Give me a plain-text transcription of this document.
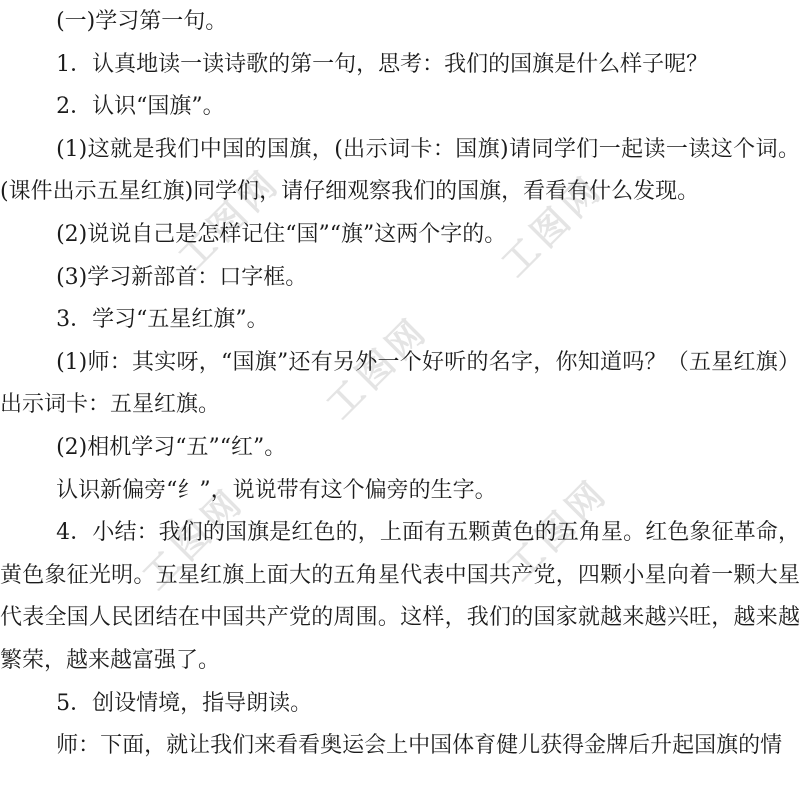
工图网	工图网
工图网
工图网	工图网

(一)学习第一句。

1．认真地读一读诗歌的第一句，思考：我们的国旗是什么样子呢？

2．认识“国旗”。

(1)这就是我们中国的国旗，(出示词卡：国旗)请同学们一起读一读这个词。(课件出示五星红旗)同学们，请仔细观察我们的国旗，看看有什么发现。

(2)说说自己是怎样记住“国”“旗”这两个字的。

(3)学习新部首：口字框。

3．学习“五星红旗”。

(1)师：其实呀，“国旗”还有另外一个好听的名字，你知道吗？（五星红旗）出示词卡：五星红旗。

(2)相机学习“五”“红”。

认识新偏旁“纟”，说说带有这个偏旁的生字。

4．小结：我们的国旗是红色的，上面有五颗黄色的五角星。红色象征革命，黄色象征光明。五星红旗上面大的五角星代表中国共产党，四颗小星向着一颗大星代表全国人民团结在中国共产党的周围。这样，我们的国家就越来越兴旺，越来越繁荣，越来越富强了。

5．创设情境，指导朗读。

师：下面，就让我们来看看奥运会上中国体育健儿获得金牌后升起国旗的情
